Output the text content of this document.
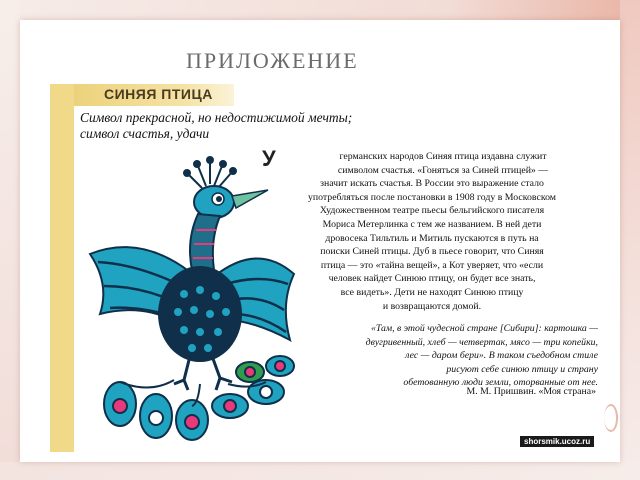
ПРИЛОЖЕНИЕ
СИНЯЯ ПТИЦА
Символ прекрасной, но недостижимой мечты;
символ счастья, удачи
У	германских народов Синяя птица издавна служит
символом счастья. «Гоняться за Синей птицей» —
значит искать счастья. В России это выражение стало
употребляться после постановки в 1908 году в Московском
Художественном театре пьесы бельгийского писателя
Мориса Метерлинка с тем же названием. В ней дети
дровосека Тильтиль и Митиль пускаются в путь на
поиски Синей птицы. Дуб в пьесе говорит, что Синяя
птица — это «тайна вещей», а Кот уверяет, что «если
человек найдет Синюю птицу, он будет все знать,
все видеть». Дети не находят Синюю птицу
и возвращаются домой.
«Там, в этой чудесной стране [Сибири]: картошка —
двугривенный, хлеб — четвертак, мясо — три копейки,
лес — даром бери». В таком съедобном стиле
рисуют себе синюю птицу и страну
обетованную люди земли, оторванные от нее.
М. М. Пришвин. «Моя страна»
shorsmik.ucoz.ru
